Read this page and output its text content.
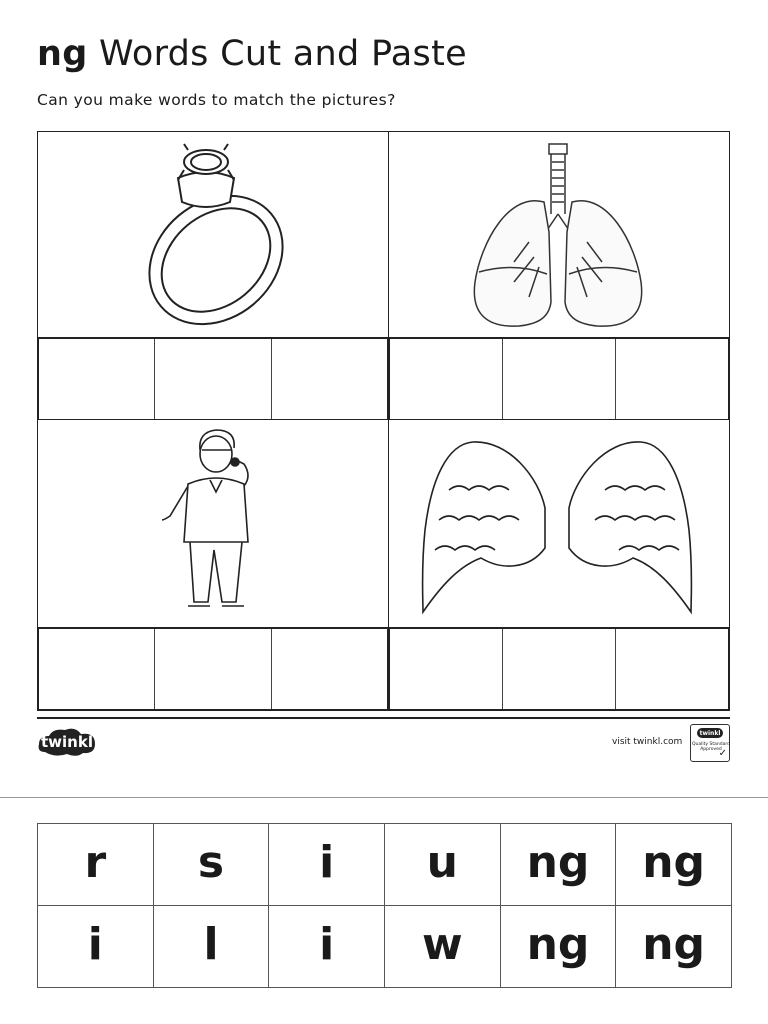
ng Words Cut and Paste
Can you make words to match the pictures?
twinkl	visit twinkl.com
twinkl
Quality Standard Approved
✓
r	s	i	u	ng	ng
i	l	i	w	ng	ng
